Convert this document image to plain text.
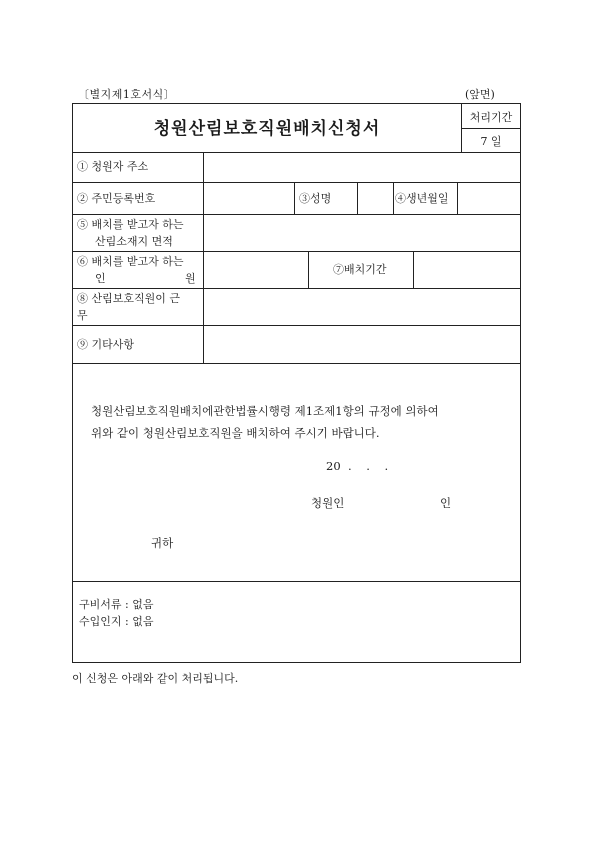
〔별지제1호서식〕	(앞면)
청원산림보호직원배치신청서
처리기간
7 일
① 청원자 주소
② 주민등록번호	③성명	④생년월일
⑤ 배치를 받고자 하는
산림소재지 면적
⑥ 배치를 받고자 하는
인	원
⑦배치기간
⑧ 산림보호직원이 근
무
⑨ 기타사항
청원산림보호직원배치에관한법률시행령 제1조제1항의 규정에 의하여
위와 같이 청원산림보호직원을 배치하여 주시기 바랍니다.
20  .    .    .
청원인	인
귀하
구비서류 : 없음
수입인지 : 없음
이 신청은 아래와 같이 처리됩니다.
